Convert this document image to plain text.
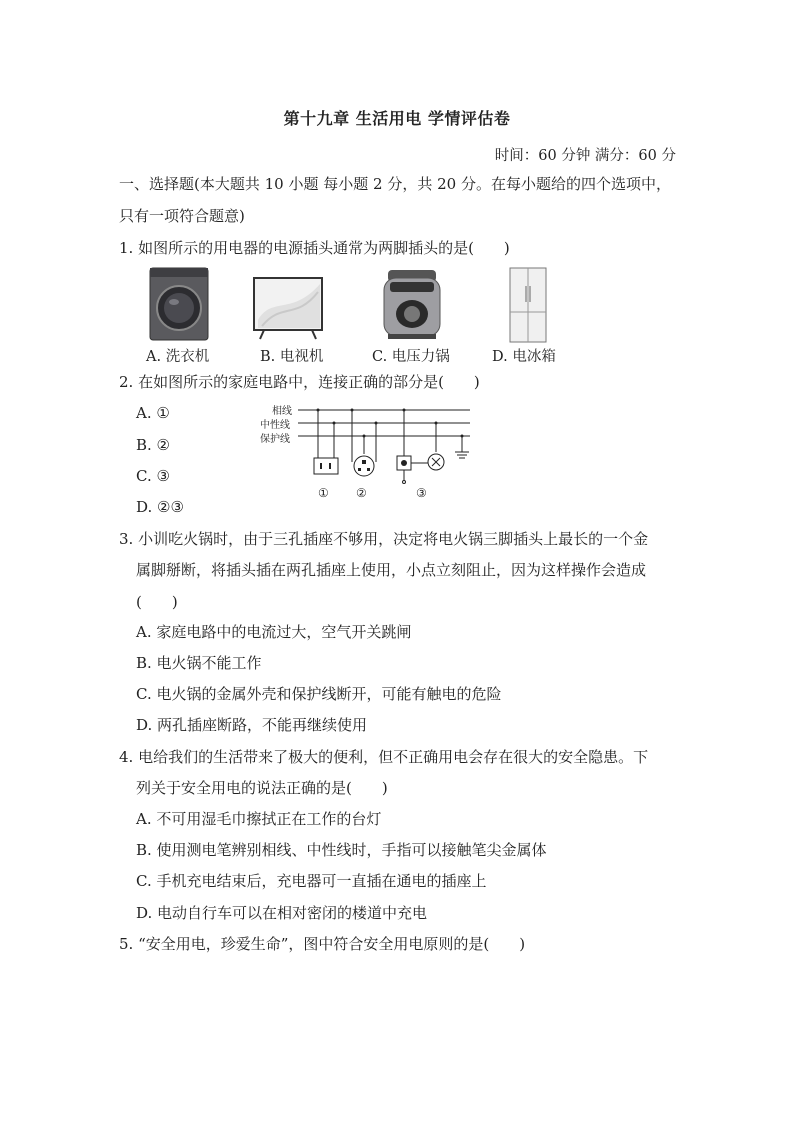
第十九章 生活用电 学情评估卷
时间：60 分钟 满分：60 分
一、选择题(本大题共 10 小题 每小题 2 分，共 20 分。在每小题给的四个选项中，
只有一项符合题意)
1. 如图所示的用电器的电源插头通常为两脚插头的是(　　)
A. 洗衣机	B. 电视机	C. 电压力锅	D. 电冰箱
2. 在如图所示的家庭电路中，连接正确的部分是(　　)
A. ①
B. ②
C. ③
D. ②③
相线
中性线
保护线
① ②	③
3. 小训吃火锅时，由于三孔插座不够用，决定将电火锅三脚插头上最长的一个金
属脚掰断，将插头插在两孔插座上使用，小点立刻阻止，因为这样操作会造成
(　　)
A. 家庭电路中的电流过大，空气开关跳闸
B. 电火锅不能工作
C. 电火锅的金属外壳和保护线断开，可能有触电的危险
D. 两孔插座断路，不能再继续使用
4. 电给我们的生活带来了极大的便利，但不正确用电会存在很大的安全隐患。下
列关于安全用电的说法正确的是(　　)
A. 不可用湿毛巾擦拭正在工作的台灯
B. 使用测电笔辨别相线、中性线时，手指可以接触笔尖金属体
C. 手机充电结束后，充电器可一直插在通电的插座上
D. 电动自行车可以在相对密闭的楼道中充电
5. “安全用电，珍爱生命”，图中符合安全用电原则的是(　　)
